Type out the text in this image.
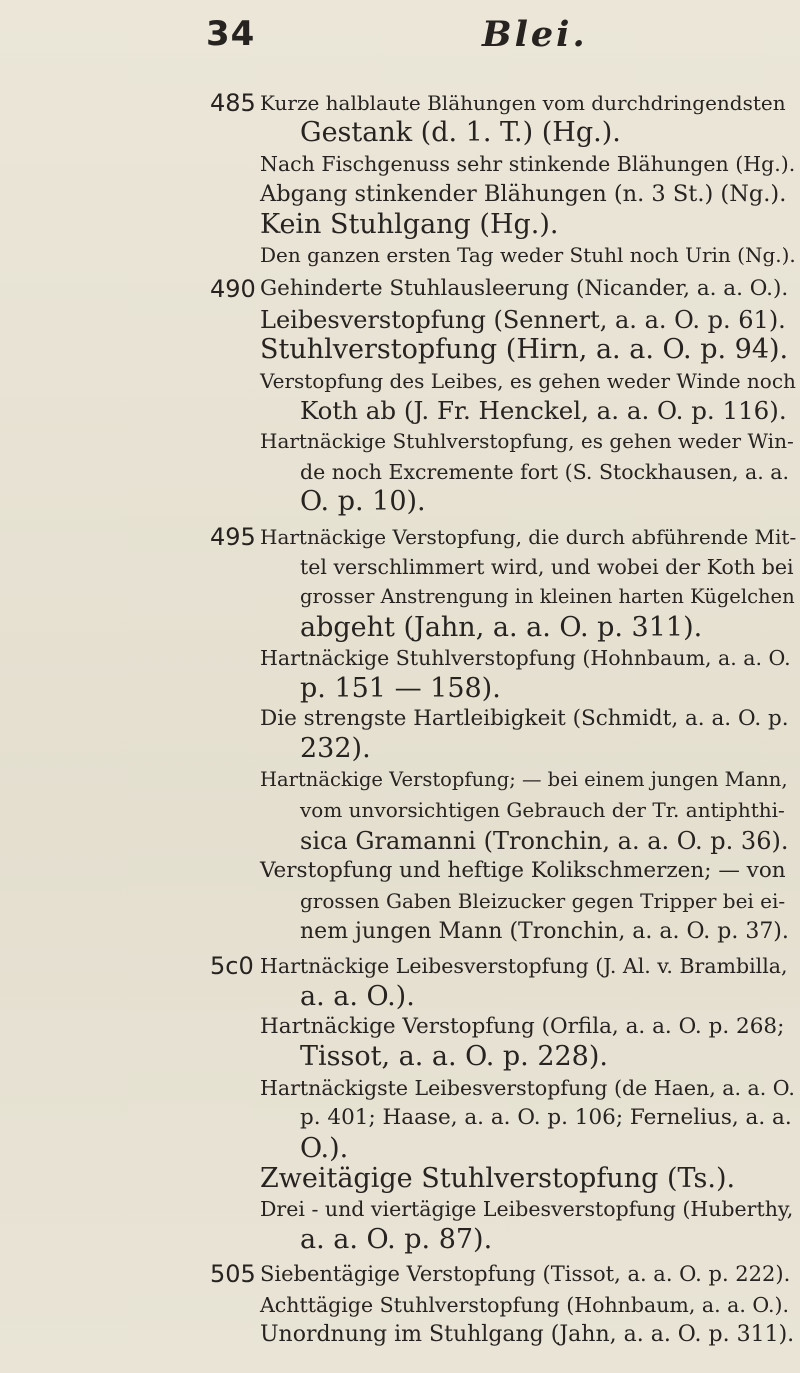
34	Blei.
485
490
495
5c0
505
Kurze halblaute Blähungen vom durchdringendsten
Gestank (d. 1. T.) (Hg.).
Nach Fischgenuss sehr stinkende Blähungen (Hg.).
Abgang stinkender Blähungen (n. 3 St.) (Ng.).
Kein Stuhlgang (Hg.).
Den ganzen ersten Tag weder Stuhl noch Urin (Ng.).
Gehinderte Stuhlausleerung (Nicander, a. a. O.).
Leibesverstopfung (Sennert, a. a. O. p. 61).
Stuhlverstopfung (Hirn, a. a. O. p. 94).
Verstopfung des Leibes, es gehen weder Winde noch
Koth ab (J. Fr. Henckel, a. a. O. p. 116).
Hartnäckige Stuhlverstopfung, es gehen weder Win-
de noch Excremente fort (S. Stockhausen, a. a.
O. p. 10).
Hartnäckige Verstopfung, die durch abführende Mit-
tel verschlimmert wird, und wobei der Koth bei
grosser Anstrengung in kleinen harten Kügelchen
abgeht (Jahn, a. a. O. p. 311).
Hartnäckige Stuhlverstopfung (Hohnbaum, a. a. O.
p. 151 — 158).
Die strengste Hartleibigkeit (Schmidt, a. a. O. p.
232).
Hartnäckige Verstopfung; — bei einem jungen Mann,
vom unvorsichtigen Gebrauch der Tr. antiphthi-
sica Gramanni (Tronchin, a. a. O. p. 36).
Verstopfung und heftige Kolikschmerzen; — von
grossen Gaben Bleizucker gegen Tripper bei ei-
nem jungen Mann (Tronchin, a. a. O. p. 37).
Hartnäckige Leibesverstopfung (J. Al. v. Brambilla,
a. a. O.).
Hartnäckige Verstopfung (Orfila, a. a. O. p. 268;
Tissot, a. a. O. p. 228).
Hartnäckigste Leibesverstopfung (de Haen, a. a. O.
p. 401; Haase, a. a. O. p. 106; Fernelius, a. a.
O.).
Zweitägige Stuhlverstopfung (Ts.).
Drei - und viertägige Leibesverstopfung (Huberthy,
a. a. O. p. 87).
Siebentägige Verstopfung (Tissot, a. a. O. p. 222).
Achttägige Stuhlverstopfung (Hohnbaum, a. a. O.).
Unordnung im Stuhlgang (Jahn, a. a. O. p. 311).
